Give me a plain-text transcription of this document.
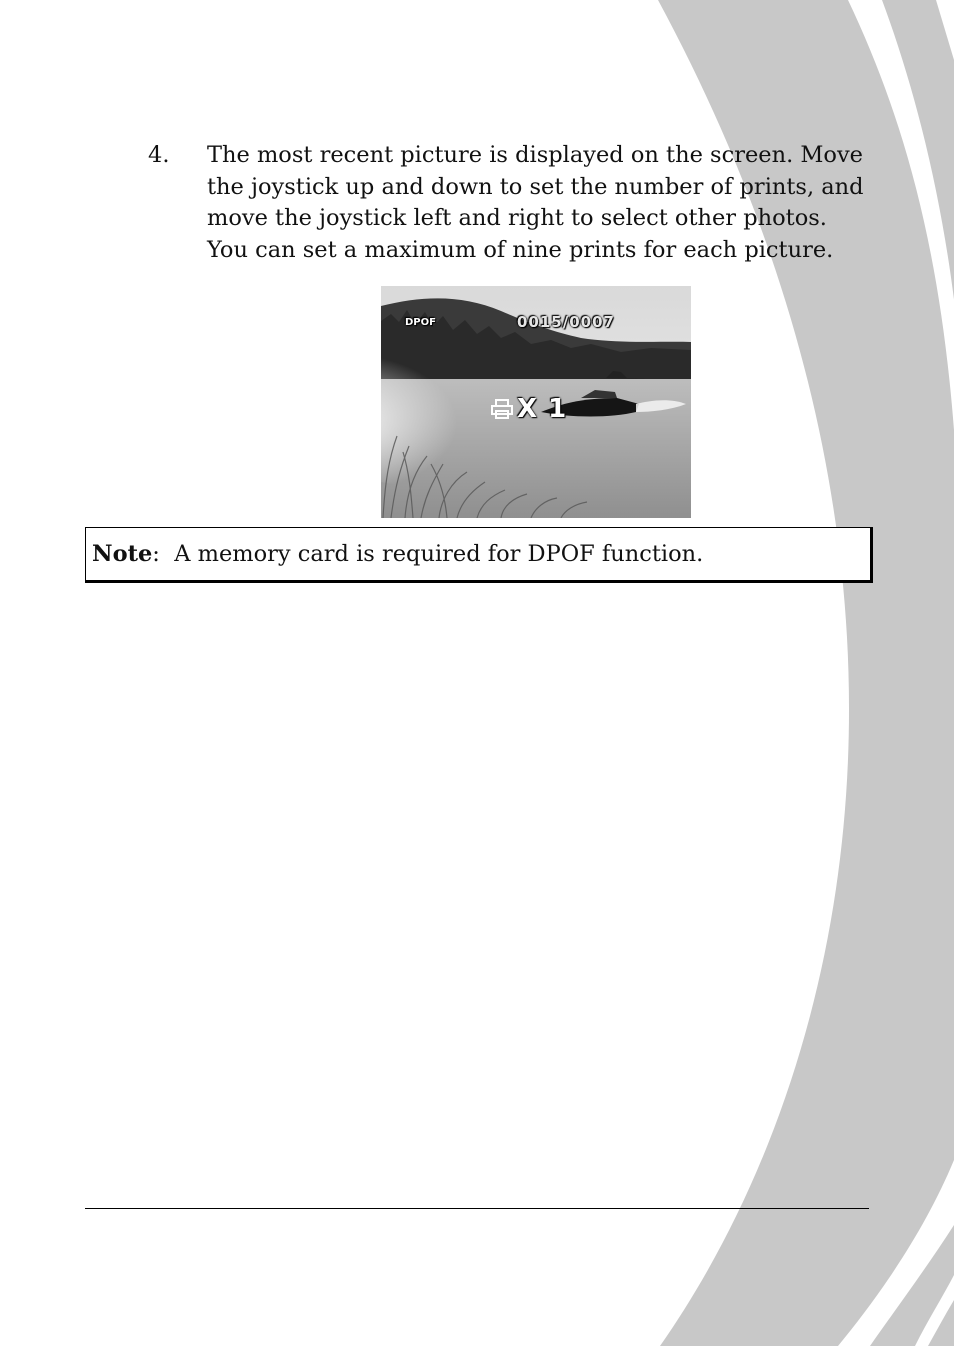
4. The most recent picture is displayed on the screen. Move
the joystick up and down to set the number of prints, and
move the joystick left and right to select other photos.
You can set a maximum of nine prints for each picture.
DPOF	0015/0007
X 1
Note: A memory card is required for DPOF function.
